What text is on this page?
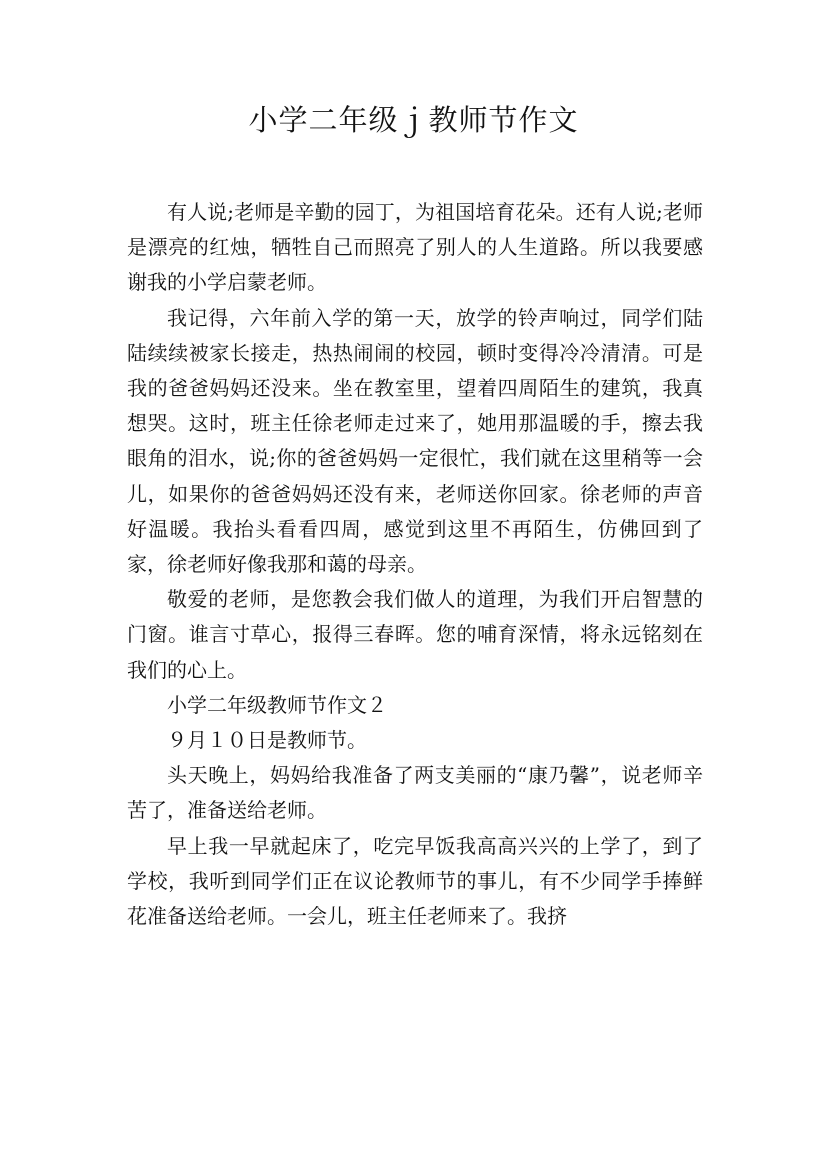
小学二年级ｊ教师节作文

有人说;老师是辛勤的园丁，为祖国培育花朵。还有人说;老师是漂亮的红烛，牺牲自己而照亮了别人的人生道路。所以我要感谢我的小学启蒙老师。

我记得，六年前入学的第一天，放学的铃声响过，同学们陆陆续续被家长接走，热热闹闹的校园，顿时变得冷冷清清。可是我的爸爸妈妈还没来。坐在教室里，望着四周陌生的建筑，我真想哭。这时，班主任徐老师走过来了，她用那温暖的手，擦去我眼角的泪水，说;你的爸爸妈妈一定很忙，我们就在这里稍等一会儿，如果你的爸爸妈妈还没有来，老师送你回家。徐老师的声音好温暖。我抬头看看四周，感觉到这里不再陌生，仿佛回到了家，徐老师好像我那和蔼的母亲。

敬爱的老师，是您教会我们做人的道理，为我们开启智慧的门窗。谁言寸草心，报得三春晖。您的哺育深情，将永远铭刻在我们的心上。

小学二年级教师节作文２

９月１０日是教师节。

头天晚上，妈妈给我准备了两支美丽的“康乃馨”，说老师辛苦了，准备送给老师。

早上我一早就起床了，吃完早饭我高高兴兴的上学了，到了学校，我听到同学们正在议论教师节的事儿，有不少同学手捧鲜花准备送给老师。一会儿，班主任老师来了。我挤
